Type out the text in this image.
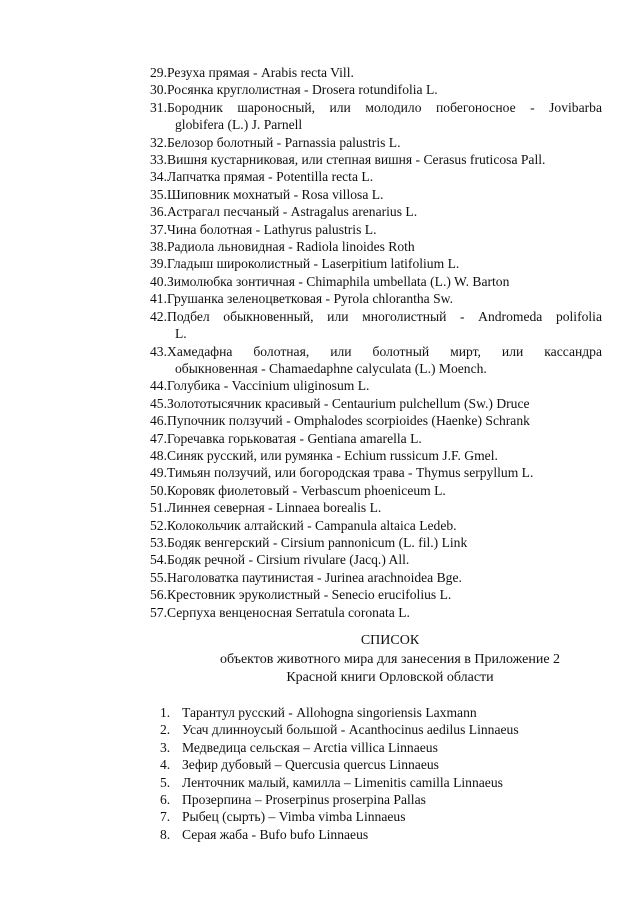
29.Резуха прямая - Arabis recta Vill.
30.Росянка круглолистная - Drosera rotundifolia L.
31.Бородник шароносный, или молодило побегоносное - Jovibarba
globifera (L.) J. Parnell
32.Белозор болотный - Parnassia palustris L.
33.Вишня кустарниковая, или степная вишня - Cerasus fruticosa Pall.
34.Лапчатка прямая - Potentilla recta L.
35.Шиповник мохнатый - Rosa villosa L.
36.Астрагал песчаный - Astragalus arenarius L.
37.Чина болотная - Lathyrus palustris L.
38.Радиола льновидная - Radiola linoides Roth
39.Гладыш широколистный - Laserpitium latifolium L.
40.Зимолюбка зонтичная - Chimaphila umbellata (L.) W. Barton
41.Грушанка зеленоцветковая - Pyrola chlorantha Sw.
42.Подбел обыкновенный, или многолистный - Andromeda polifolia
L.
43.Хамедафна болотная, или болотный мирт, или кассандра
обыкновенная - Chamaedaphne calyculata (L.) Moench.
44.Голубика - Vaccinium uliginosum L.
45.Золототысячник красивый - Centaurium pulchellum (Sw.) Druce
46.Пупочник ползучий - Omphalodes scorpioides (Haenke) Schrank
47.Горечавка горьковатая - Gentiana amarella L.
48.Синяк русский, или румянка - Echium russicum J.F. Gmel.
49.Тимьян ползучий, или богородская трава - Thymus serpyllum L.
50.Коровяк фиолетовый - Verbascum phoeniceum L.
51.Линнея северная - Linnaea borealis L.
52.Колокольчик алтайский - Campanula altaica Ledeb.
53.Бодяк венгерский - Cirsium pannonicum (L. fil.) Link
54.Бодяк речной - Cirsium rivulare (Jacq.) All.
55.Наголоватка паутинистая - Jurinea arachnoidea Bge.
56.Крестовник эруколистный - Senecio erucifolius L.
57.Серпуха венценосная Serratula coronata L.

СПИСОК

объектов животного мира для занесения в Приложение 2

Красной книги Орловской области

1. Тарантул русский - Allohogna singoriensis Laxmann
2. Усач длинноусый большой - Acanthocinus aedilus Linnaeus
3. Медведица сельская – Arctia villica Linnaeus
4. Зефир дубовый – Quercusia quercus Linnaeus
5. Ленточник малый, камилла – Limenitis camilla Linnaeus
6. Прозерпина – Proserpinus proserpina Pallas
7. Рыбец (сырть) – Vimba vimba Linnaeus
8. Серая жаба - Bufo bufo Linnaeus
